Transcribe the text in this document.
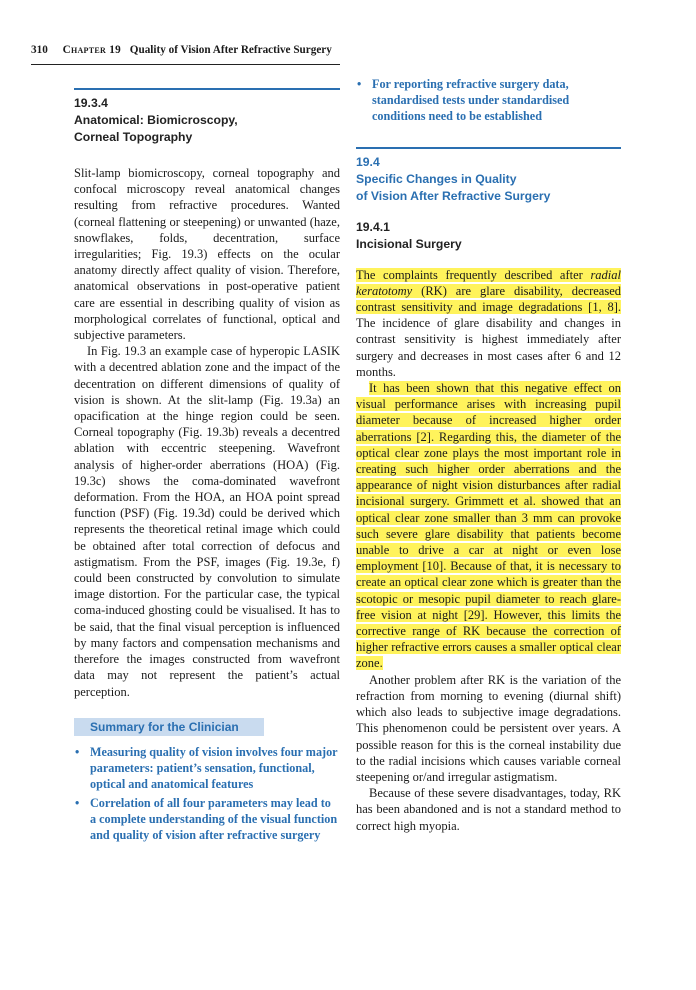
310 Chapter 19 Quality of Vision After Refractive Surgery
19.3.4
Anatomical: Biomicroscopy,
Corneal Topography

Slit-lamp biomicroscopy, corneal topography and confocal microscopy reveal anatomical changes resulting from refractive procedures. Wanted (corneal flattening or steepening) or unwanted (haze, snowflakes, folds, decentration, surface irregularities; Fig. 19.3) effects on the ocular anatomy directly affect quality of vision. Therefore, anatomical observations in post-operative patient care are essential in describing quality of vision as morphological correlates of functional, optical and subjective parameters.

In Fig. 19.3 an example case of hyperopic LASIK with a decentred ablation zone and the impact of the decentration on different dimensions of quality of vision is shown. At the slit-lamp (Fig. 19.3a) an opacification at the hinge region could be seen. Corneal topography (Fig. 19.3b) reveals a decentred ablation with eccentric steepening. Wavefront analysis of higher-order aberrations (HOA) (Fig. 19.3c) shows the coma-dominated wavefront deformation. From the HOA, an HOA point spread function (PSF) (Fig. 19.3d) could be derived which represents the theoretical retinal image which could be obtained after total correction of defocus and astigmatism. From the PSF, images (Fig. 19.3e, f) could been constructed by convolution to simulate image distortion. For the particular case, the typical coma-induced ghosting could be visualised. It has to be said, that the final visual perception is influenced by many factors and compensation mechanisms and therefore the images constructed from wavefront data may not represent the patient’s actual perception.

Summary for the Clinician
• Measuring quality of vision involves four major parameters: patient’s sensation, functional, optical and anatomical features
• Correlation of all four parameters may lead to a complete understanding of the visual function and quality of vision after refractive surgery
• For reporting refractive surgery data, standardised tests under standardised conditions need to be established
19.4
Specific Changes in Quality
of Vision After Refractive Surgery
19.4.1
Incisional Surgery

The complaints frequently described after radial keratotomy (RK) are glare disability, decreased contrast sensitivity and image degradations [1, 8]. The incidence of glare disability and changes in contrast sensitivity is highest immediately after surgery and decreases in most cases after 6 and 12 months.

It has been shown that this negative effect on visual performance arises with increasing pupil diameter because of increased higher order aberrations [2]. Regarding this, the diameter of the optical clear zone plays the most important role in creating such higher order aberrations and the appearance of night vision disturbances after radial incisional surgery. Grimmett et al. showed that an optical clear zone smaller than 3 mm can provoke such severe glare disability that patients become unable to drive a car at night or even lose employment [10]. Because of that, it is necessary to create an optical clear zone which is greater than the scotopic or mesopic pupil diameter to reach glare-free vision at night [29]. However, this limits the corrective range of RK because the correction of higher refractive errors causes a smaller optical clear zone.

Another problem after RK is the variation of the refraction from morning to evening (diurnal shift) which also leads to subjective image degradations. This phenomenon could be persistent over years. A possible reason for this is the corneal instability due to the radial incisions which causes variable corneal steepening or/and irregular astigmatism.

Because of these severe disadvantages, today, RK has been abandoned and is not a standard method to correct high myopia.
